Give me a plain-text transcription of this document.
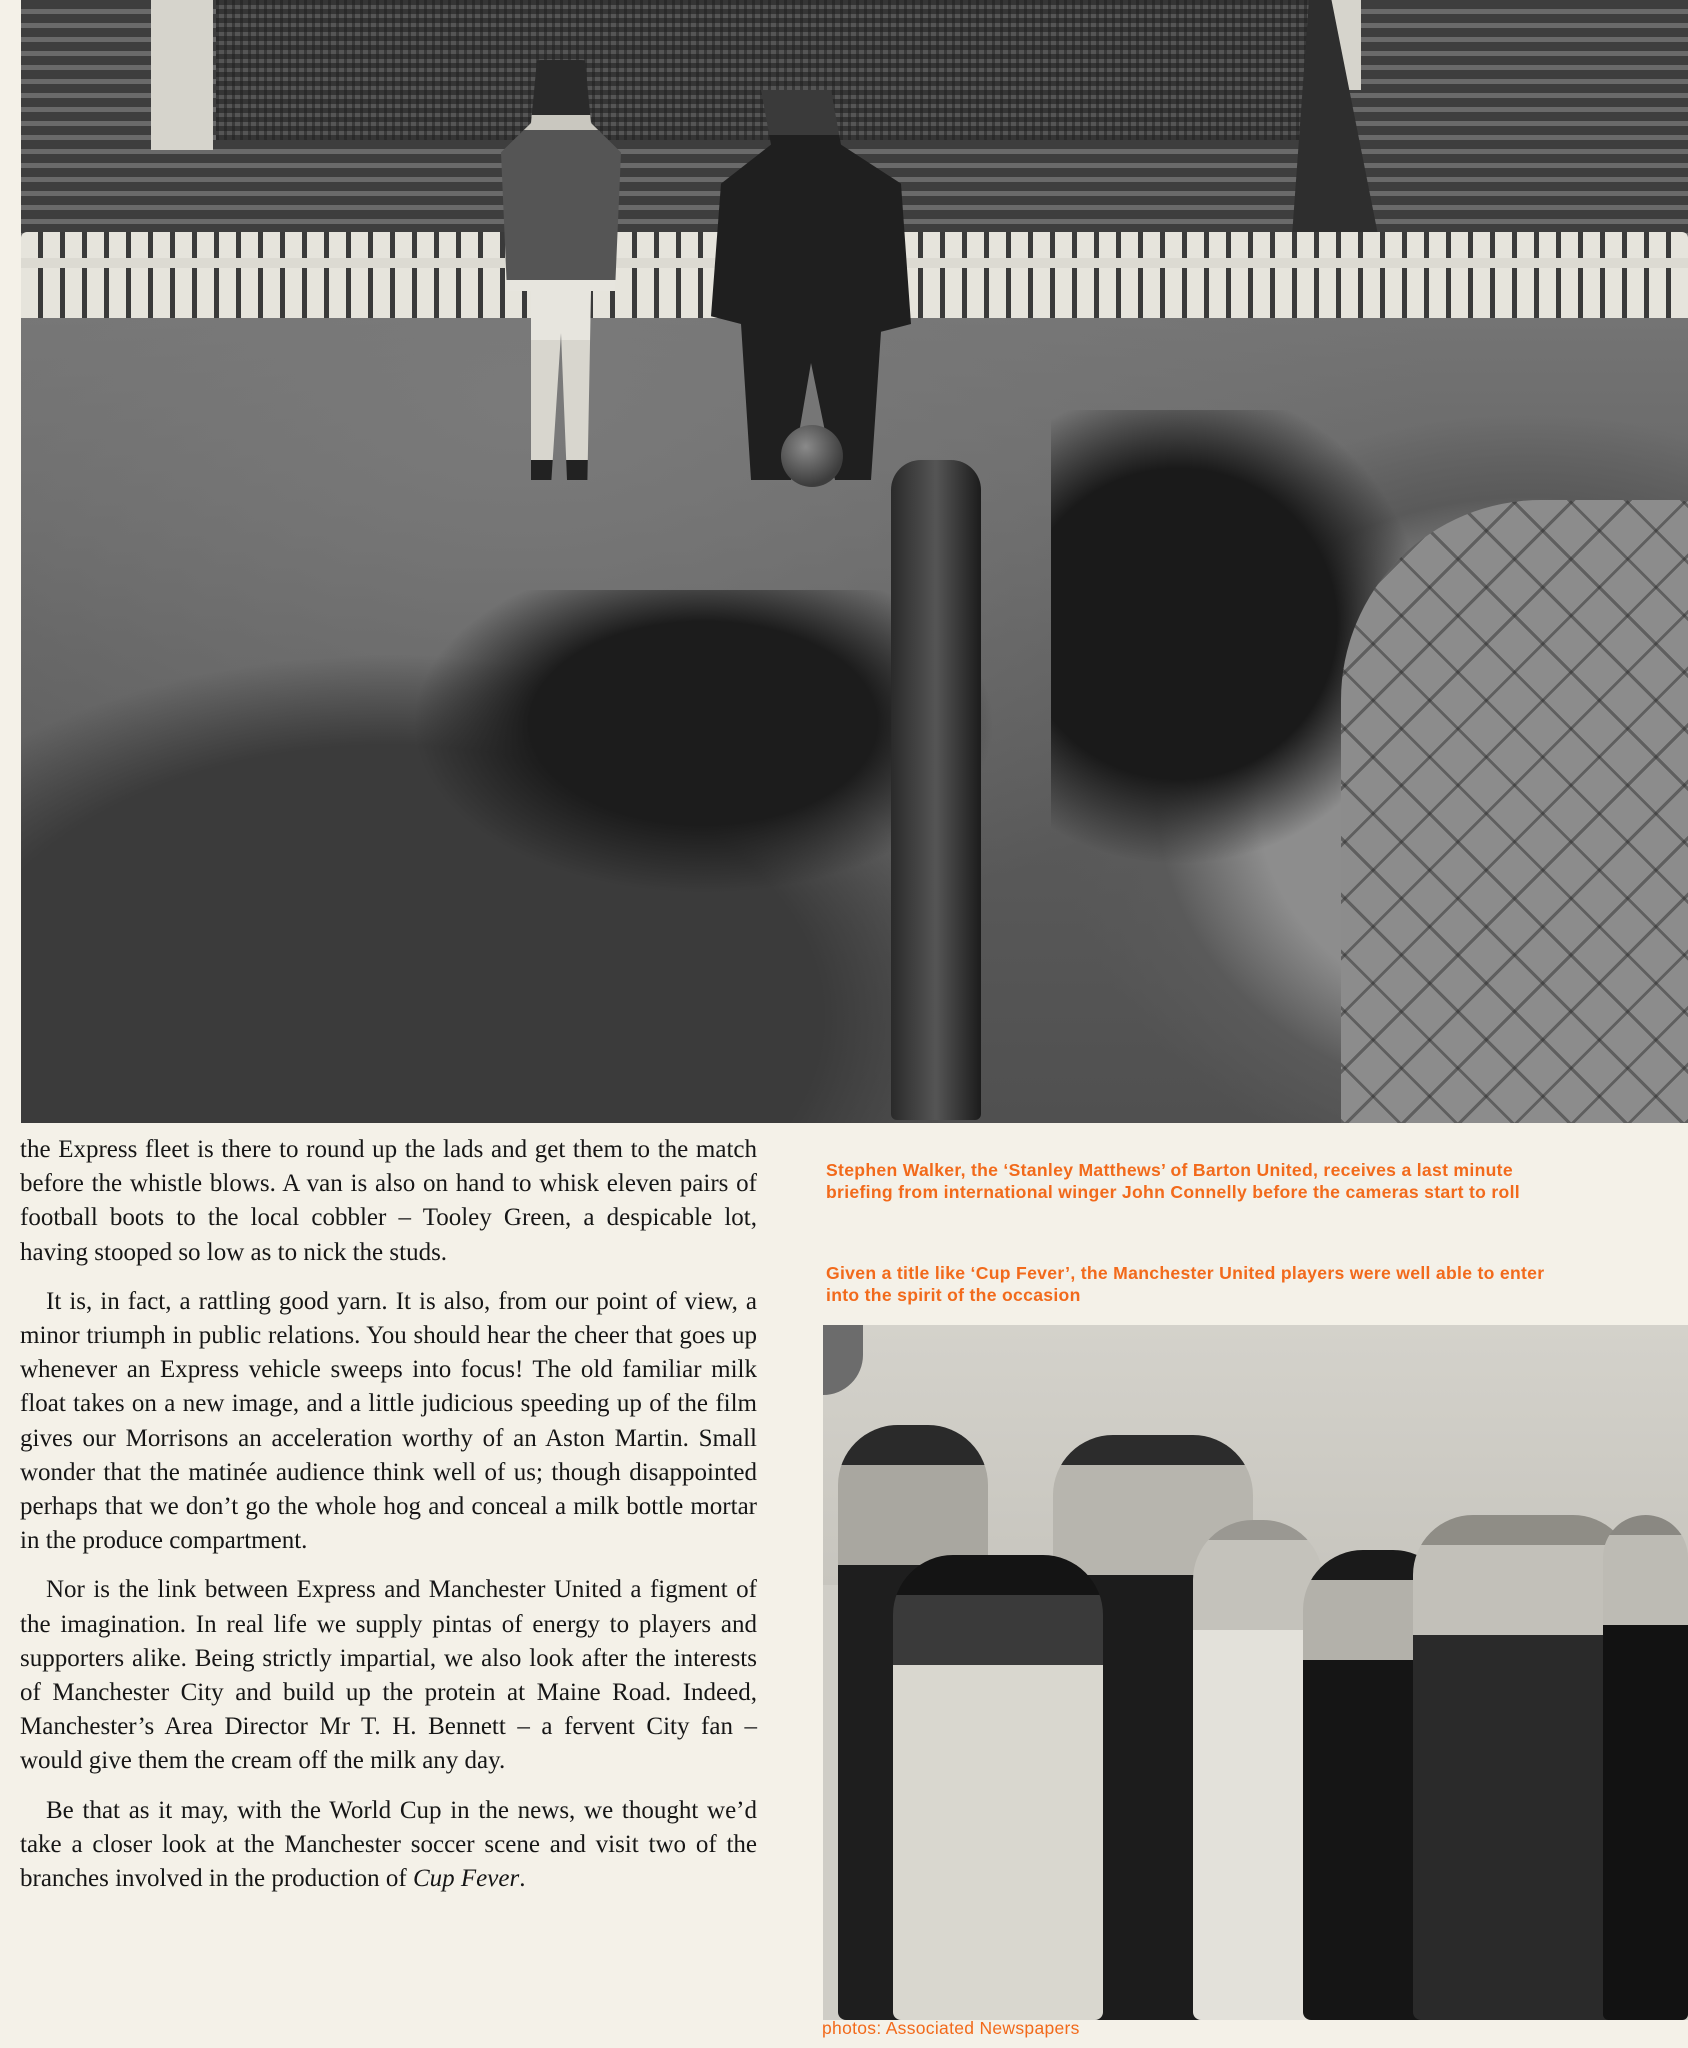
the Express fleet is there to round up the lads and get them to the match before the whistle blows. A van is also on hand to whisk eleven pairs of football boots to the local cobbler – Tooley Green, a despicable lot, having stooped so low as to nick the studs.

It is, in fact, a rattling good yarn. It is also, from our point of view, a minor triumph in public relations. You should hear the cheer that goes up whenever an Express vehicle sweeps into focus! The old familiar milk float takes on a new image, and a little judicious speeding up of the film gives our Morrisons an acceleration worthy of an Aston Martin. Small wonder that the matinée audience think well of us; though disappointed perhaps that we don’t go the whole hog and conceal a milk bottle mortar in the produce compartment.

Nor is the link between Express and Manchester United a figment of the imagination. In real life we supply pintas of energy to players and supporters alike. Being strictly impartial, we also look after the interests of Manchester City and build up the protein at Maine Road. Indeed, Manchester’s Area Director Mr T. H. Bennett – a fervent City fan – would give them the cream off the milk any day.

Be that as it may, with the World Cup in the news, we thought we’d take a closer look at the Manchester soccer scene and visit two of the branches involved in the production of Cup Fever.

Stephen Walker, the ‘Stanley Matthews’ of Barton United, receives a last minute briefing from international winger John Connelly before the cameras start to roll
Given a title like ‘Cup Fever’, the Manchester United players were well able to enter into the spirit of the occasion
photos: Associated Newspapers
